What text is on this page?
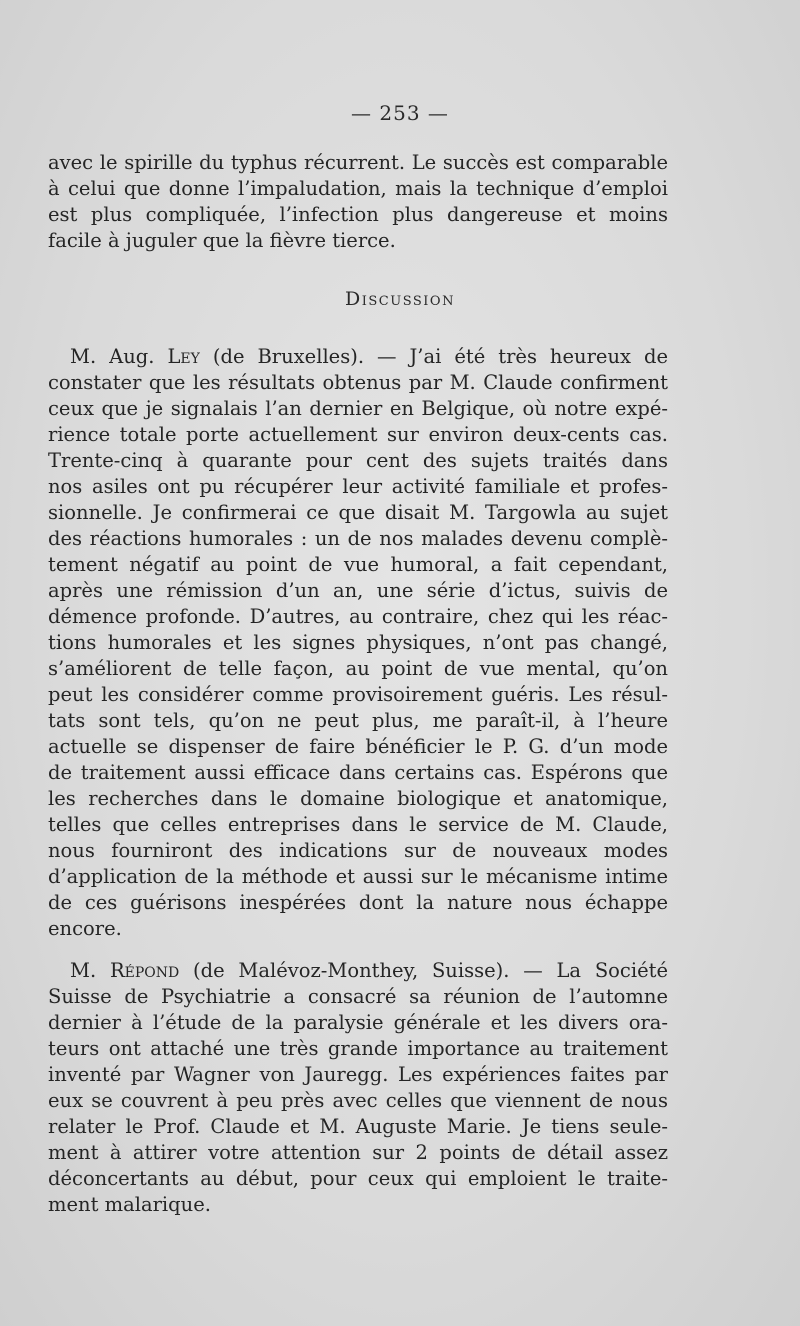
— 253 —
avec le spirille du typhus récurrent. Le succès est comparable
à celui que donne l’impaludation, mais la technique d’emploi
est plus compliquée, l’infection plus dangereuse et moins
facile à juguler que la fièvre tierce.
Discussion
M. Aug. Ley (de Bruxelles). — J’ai été très heureux de
constater que les résultats obtenus par M. Claude confirment
ceux que je signalais l’an dernier en Belgique, où notre expé-
rience totale porte actuellement sur environ deux-cents cas.
Trente-cinq à quarante pour cent des sujets traités dans
nos asiles ont pu récupérer leur activité familiale et profes-
sionnelle. Je confirmerai ce que disait M. Targowla au sujet
des réactions humorales : un de nos malades devenu complè-
tement négatif au point de vue humoral, a fait cependant,
après une rémission d’un an, une série d’ictus, suivis de
démence profonde. D’autres, au contraire, chez qui les réac-
tions humorales et les signes physiques, n’ont pas changé,
s’améliorent de telle façon, au point de vue mental, qu’on
peut les considérer comme provisoirement guéris. Les résul-
tats sont tels, qu’on ne peut plus, me paraît-il, à l’heure
actuelle se dispenser de faire bénéficier le P. G. d’un mode
de traitement aussi efficace dans certains cas. Espérons que
les recherches dans le domaine biologique et anatomique,
telles que celles entreprises dans le service de M. Claude,
nous fourniront des indications sur de nouveaux modes
d’application de la méthode et aussi sur le mécanisme intime
de ces guérisons inespérées dont la nature nous échappe
encore.
M. Répond (de Malévoz-Monthey, Suisse). — La Société
Suisse de Psychiatrie a consacré sa réunion de l’automne
dernier à l’étude de la paralysie générale et les divers ora-
teurs ont attaché une très grande importance au traitement
inventé par Wagner von Jauregg. Les expériences faites par
eux se couvrent à peu près avec celles que viennent de nous
relater le Prof. Claude et M. Auguste Marie. Je tiens seule-
ment à attirer votre attention sur 2 points de détail assez
déconcertants au début, pour ceux qui emploient le traite-
ment malarique.
